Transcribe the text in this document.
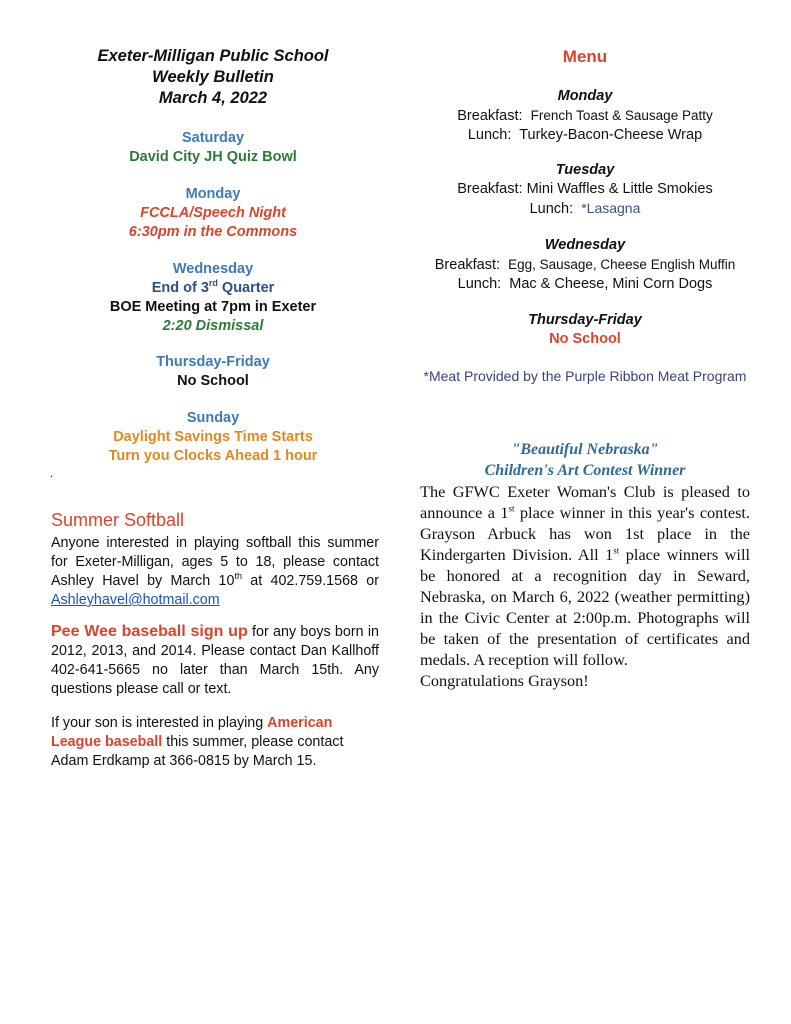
Exeter-Milligan Public School
Weekly Bulletin
March 4, 2022
Saturday
David City JH Quiz Bowl
Monday
FCCLA/Speech Night
6:30pm in the Commons
Wednesday
End of 3rd Quarter
BOE Meeting at 7pm in Exeter
2:20 Dismissal
Thursday-Friday
No School
Sunday
Daylight Savings Time Starts
Turn you Clocks Ahead 1 hour
.
Summer Softball
Anyone interested in playing softball this summer for Exeter-Milligan, ages 5 to 18, please contact Ashley Havel by March 10th at 402.759.1568 or Ashleyhavel@hotmail.com
Pee Wee baseball sign up for any boys born in 2012, 2013, and 2014. Please contact Dan Kallhoff 402-641-5665 no later than March 15th. Any questions please call or text.
If your son is interested in playing American League baseball this summer, please contact Adam Erdkamp at 366-0815 by March 15.
Menu
Monday
Breakfast: French Toast & Sausage Patty
Lunch: Turkey-Bacon-Cheese Wrap
Tuesday
Breakfast: Mini Waffles & Little Smokies
Lunch: *Lasagna
Wednesday
Breakfast: Egg, Sausage, Cheese English Muffin
Lunch: Mac & Cheese, Mini Corn Dogs
Thursday-Friday
No School
*Meat Provided by the Purple Ribbon Meat Program
"Beautiful Nebraska"
Children's Art Contest Winner
The GFWC Exeter Woman's Club is pleased to announce a 1st place winner in this year's contest. Grayson Arbuck has won 1st place in the Kindergarten Division. All 1st place winners will be honored at a recognition day in Seward, Nebraska, on March 6, 2022 (weather permitting) in the Civic Center at 2:00p.m. Photographs will be taken of the presentation of certificates and medals. A reception will follow.
Congratulations Grayson!
